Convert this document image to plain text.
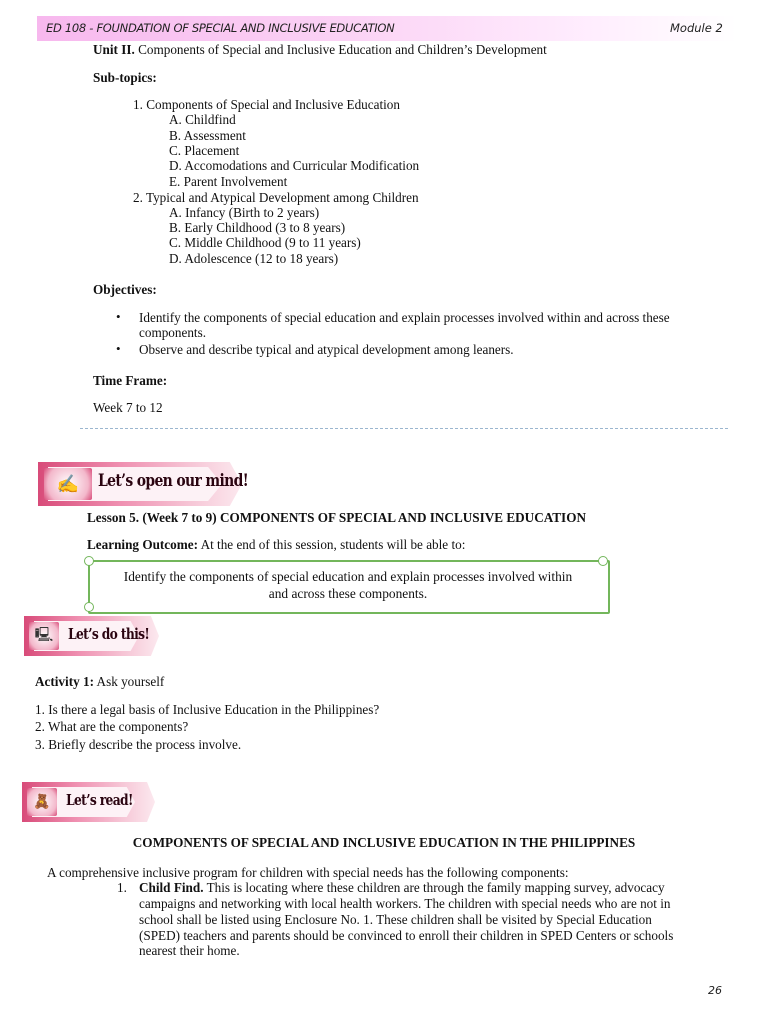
ED 108 - FOUNDATION OF SPECIAL AND INCLUSIVE EDUCATION	Module 2
Unit II. Components of Special and Inclusive Education and Children’s Development
Sub-topics:
1. Components of Special and Inclusive Education
A. Childfind
B. Assessment
C. Placement
D. Accomodations and Curricular Modification
E. Parent Involvement
2. Typical and Atypical Development among Children
A. Infancy (Birth to 2 years)
B. Early Childhood (3 to 8 years)
C. Middle Childhood (9 to 11 years)
D. Adolescence (12 to 18 years)
Objectives:
• Identify the components of special education and explain processes involved within and across these
components.
• Observe and describe typical and atypical development among leaners.
Time Frame:
Week 7 to 12
✍	Let’s open our mind!
Lesson 5. (Week 7 to 9) COMPONENTS OF SPECIAL AND INCLUSIVE EDUCATION
Learning Outcome: At the end of this session, students will be able to:
Identify the components of special education and explain processes involved within
and across these components.
🖳 Let’s do this!
Activity 1: Ask yourself
1. Is there a legal basis of Inclusive Education in the Philippines?
2. What are the components?
3. Briefly describe the process involve.
🧸	Let’s read!
COMPONENTS OF SPECIAL AND INCLUSIVE EDUCATION IN THE PHILIPPINES
A comprehensive inclusive program for children with special needs has the following components:
1. Child Find. This is locating where these children are through the family mapping survey, advocacy
campaigns and networking with local health workers. The children with special needs who are not in
school shall be listed using Enclosure No. 1. These children shall be visited by Special Education
(SPED) teachers and parents should be convinced to enroll their children in SPED Centers or schools
nearest their home.
26
